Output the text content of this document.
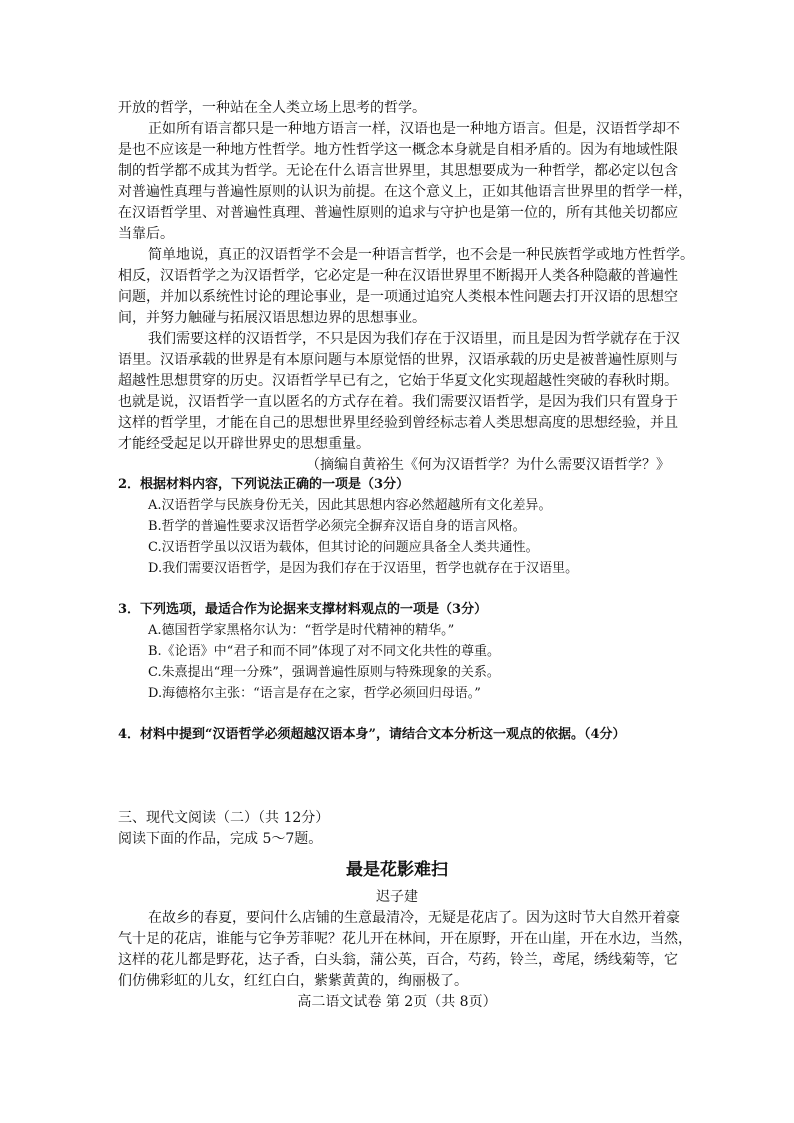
开放的哲学，一种站在全人类立场上思考的哲学。
正如所有语言都只是一种地方语言一样，汉语也是一种地方语言。但是，汉语哲学却不
是也不应该是一种地方性哲学。地方性哲学这一概念本身就是自相矛盾的。因为有地域性限
制的哲学都不成其为哲学。无论在什么语言世界里，其思想要成为一种哲学，都必定以包含
对普遍性真理与普遍性原则的认识为前提。在这个意义上，正如其他语言世界里的哲学一样，
在汉语哲学里、对普遍性真理、普遍性原则的追求与守护也是第一位的，所有其他关切都应
当靠后。
简单地说，真正的汉语哲学不会是一种语言哲学，也不会是一种民族哲学或地方性哲学。
相反，汉语哲学之为汉语哲学，它必定是一种在汉语世界里不断揭开人类各种隐蔽的普遍性
问题，并加以系统性讨论的理论事业，是一项通过追究人类根本性问题去打开汉语的思想空
间，并努力触碰与拓展汉语思想边界的思想事业。
我们需要这样的汉语哲学，不只是因为我们存在于汉语里，而且是因为哲学就存在于汉
语里。汉语承载的世界是有本原问题与本原觉悟的世界，汉语承载的历史是被普遍性原则与
超越性思想贯穿的历史。汉语哲学早已有之，它始于华夏文化实现超越性突破的春秋时期。
也就是说，汉语哲学一直以匿名的方式存在着。我们需要汉语哲学，是因为我们只有置身于
这样的哲学里，才能在自己的思想世界里经验到曾经标志着人类思想高度的思想经验，并且
才能经受起足以开辟世界史的思想重量。
（摘编自黄裕生《何为汉语哲学？为什么需要汉语哲学？》
2．根据材料内容，下列说法正确的一项是（3分）
A.汉语哲学与民族身份无关，因此其思想内容必然超越所有文化差异。
B.哲学的普遍性要求汉语哲学必须完全摒弃汉语自身的语言风格。
C.汉语哲学虽以汉语为载体，但其讨论的问题应具备全人类共通性。
D.我们需要汉语哲学，是因为我们存在于汉语里，哲学也就存在于汉语里。
3．下列选项，最适合作为论据来支撑材料观点的一项是（3分）
A.德国哲学家黑格尔认为：“哲学是时代精神的精华。”
B.《论语》中“君子和而不同”体现了对不同文化共性的尊重。
C.朱熹提出“理一分殊”，强调普遍性原则与特殊现象的关系。
D.海德格尔主张：“语言是存在之家，哲学必须回归母语。”
4．材料中提到“汉语哲学必须超越汉语本身”，请结合文本分析这一观点的依据。（4分）
三、现代文阅读（二）（共 12分）
阅读下面的作品，完成 5～7题。
最是花影难扫
迟子建
在故乡的春夏，要问什么店铺的生意最清冷，无疑是花店了。因为这时节大自然开着豪
气十足的花店，谁能与它争芳菲呢？花儿开在林间，开在原野，开在山崖，开在水边，当然，
这样的花儿都是野花，达子香，白头翁，蒲公英，百合，芍药，铃兰，鸢尾，绣线菊等，它
们仿佛彩虹的儿女，红红白白，紫紫黄黄的，绚丽极了。
高二语文试卷 第 2页（共 8页）
